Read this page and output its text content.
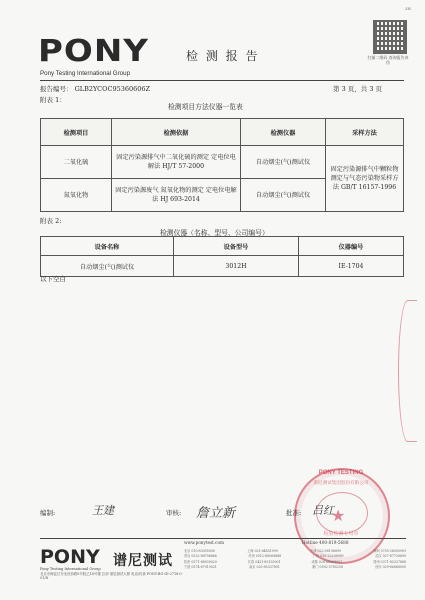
3N
PONY
Pony Testing International Group
检 测 报 告	扫描二维码 查询报告真伪
报告编号： GLB2YCOC95360606Z	第 3 页，共 3 页
附表 1：
检测项目方法仪器一览表
检测项目	检测依据	检测仪器	采样方法
二氧化硫	固定污染源排气中二氧化硫的测定 定电位电解法 HJ/T 57-2000	自动烟尘(气)测试仪	固定污染源排气中颗粒物测定与气态污染物采样方法 GB/T 16157-1996
氮氧化物	固定污染源废气 氮氧化物的测定 定电位电解法 HJ 693-2014	自动烟尘(气)测试仪	
附表 2:
检测仪器（名称、型号、公司编号）
设备名称	设备型号	仪器编号
自动烟尘(气)测试仪	3012H	IE-1704
以下空白
PONY TESTING
谱尼测试集团股份有限公司
★
检验检测专用章
编制:	王建	审核: 詹立新	批准: 吕红
PONY 谱尼测试
Pony Testing International Group
北京市海淀区东北旺西路8号院乙18号楼 总部 谱尼测试大厦 电话/传真 PONY-BG-ID-2718-0-01/N
www.ponytest.com	Hotline 400-819-5688
北京 010-83055000	上海 021-64851999	天津 022-58196899	深圳 0755-26050909
青岛 0532-88706866	苏州 0512-68069888	广州 020-22208989	武汉 027-87739899
杭州 0571-88930020	长春 0431-85135001	成都 028-86668001	郑州 0371-85337888
宁波 0574-87919021	南京 025-85337891	厦门 0592-5785258	西安 029-86668000
